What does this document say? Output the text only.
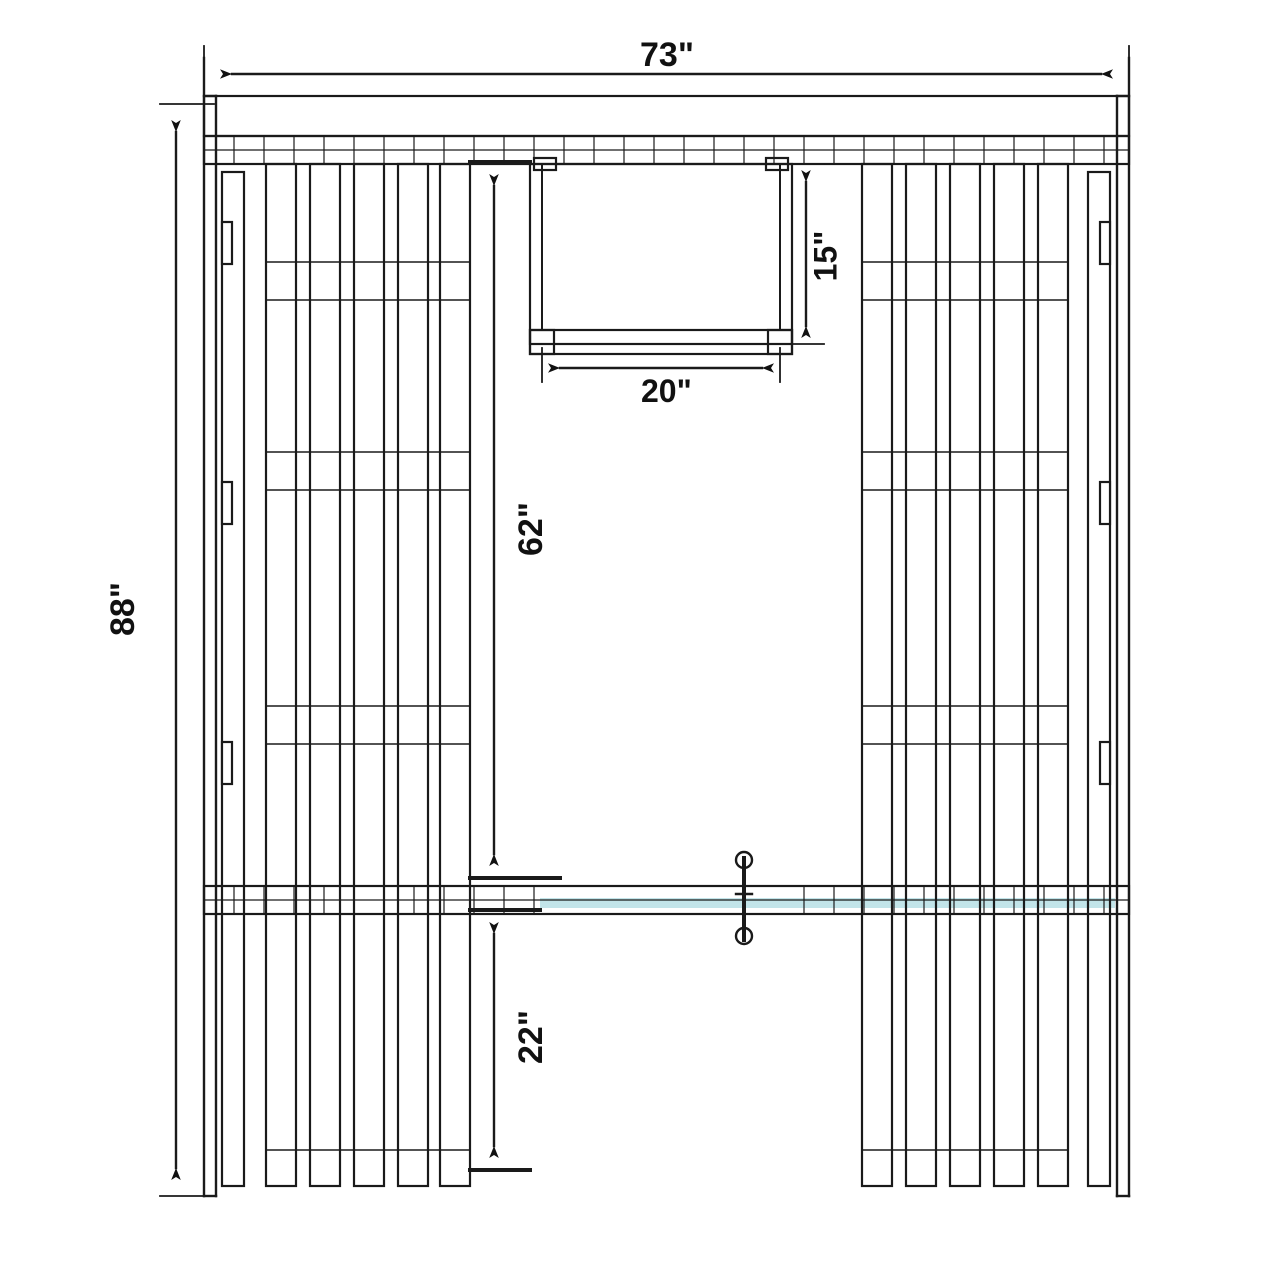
73"
88"
15"
20"
62"
22"
